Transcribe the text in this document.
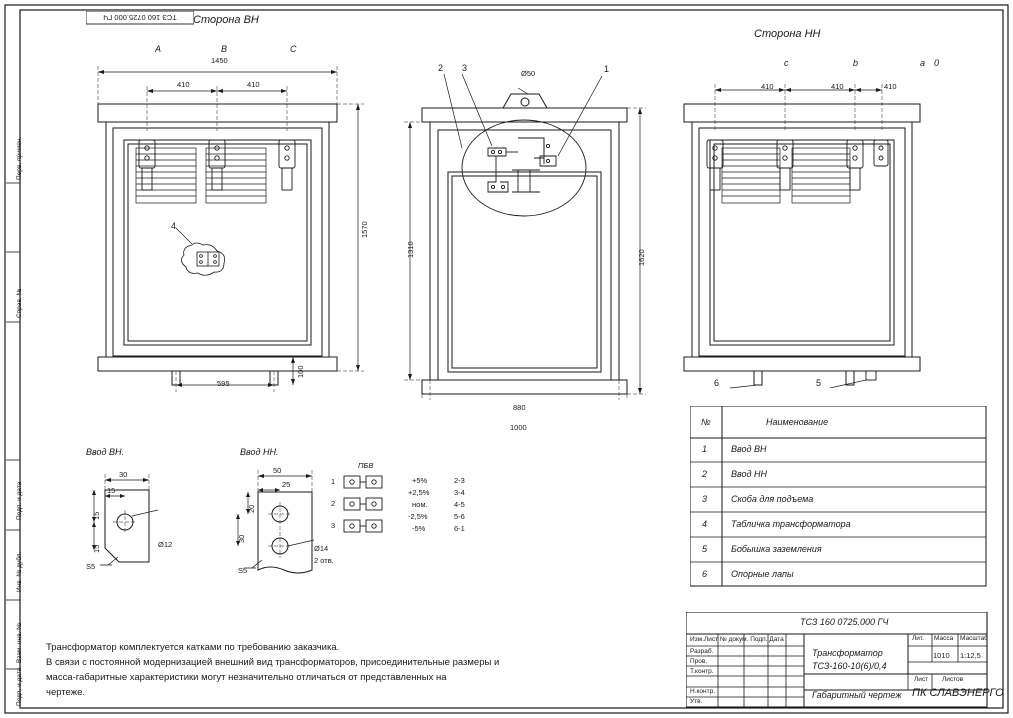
Перв. примен.
Справ. №
Подп. и дата
Инв. № дубл.
Взам. инв. №
Подп. и дата
ТСЗ 160 0725.000 ГЧ	Сторона ВН
Сторона НН
A	B	C
1450
410	410
1570
595
100
4
2 3	1
Ø50
1310	1620
880
1000
c	b	a 0
410	410	410
6	5
Ввод ВН.
30
15
15
15	Ø12
S5
Ввод НН.
50
25
20
30
Ø14
2 отв.
S5
ПБВ
1
2
3
+5%	2-3
+2,5%	3-4
ном.	4-5
-2,5%	5-6
-5%	6-1
№	Наименование
1	Ввод ВН
2	Ввод НН
3	Скоба для подъема
4	Табличка трансформатора
5	Бобышка заземления
6	Опорные лапы
Трансформатор комплектуется катками по требованию заказчика.
В связи с постоянной модернизацией внешний вид трансформаторов, присоединительные размеры и
масса-габаритные характеристики могут незначительно отличаться от представленных на
чертеже.
ТСЗ 160 0725.000 ГЧ
Лит. Масса Масштаб
1010 1:12,5
Лист Листов
Трансформатор
ТСЗ-160-10(6)/0,4
Габаритный чертеж ПК СЛАВЭНЕРГО
Изм.Лист № докум. Подп. Дата
Разраб.
Пров.
Т.контр.
Н.контр.
Утв.
